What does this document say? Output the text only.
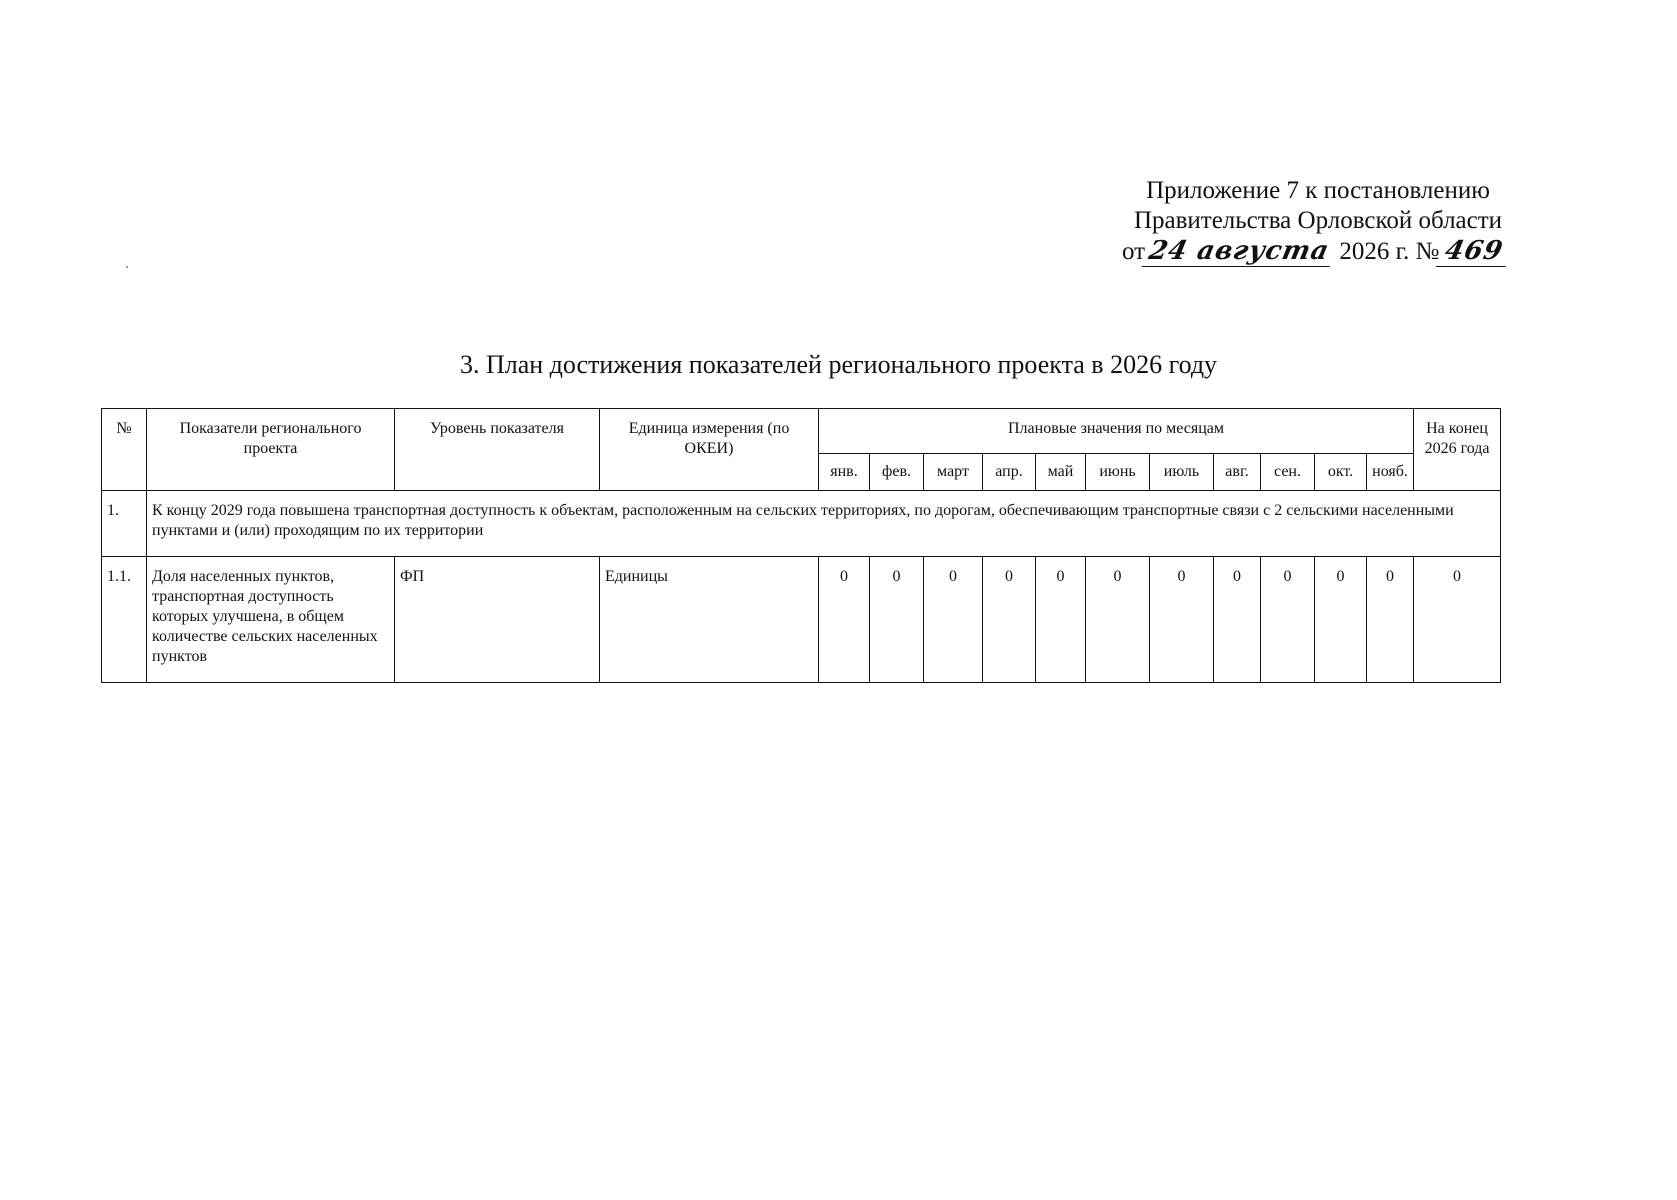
Приложение 7 к постановлению
Правительства Орловской области
от24 августа 2026 г. № 469
3. План достижения показателей регионального проекта в 2026 году
№	Показатели регионального проекта	Уровень показателя	Единица измерения (по ОКЕИ)	Плановые значения по месяцам											На конец 2026 года
				янв.	фев.	март	апр.	май	июнь	июль	авг.	сен.	окт.	нояб.	
1.	К концу 2029 года повышена транспортная доступность к объектам, расположенным на сельских территориях, по дорогам, обеспечивающим транспортные связи с 2 сельскими населенными пунктами и (или) проходящим по их территории														
1.1.	Доля населенных пунктов, транспортная доступность которых улучшена, в общем количестве сельских населенных пунктов	ФП	Единицы	0	0	0	0	0	0	0	0	0	0	0	0
